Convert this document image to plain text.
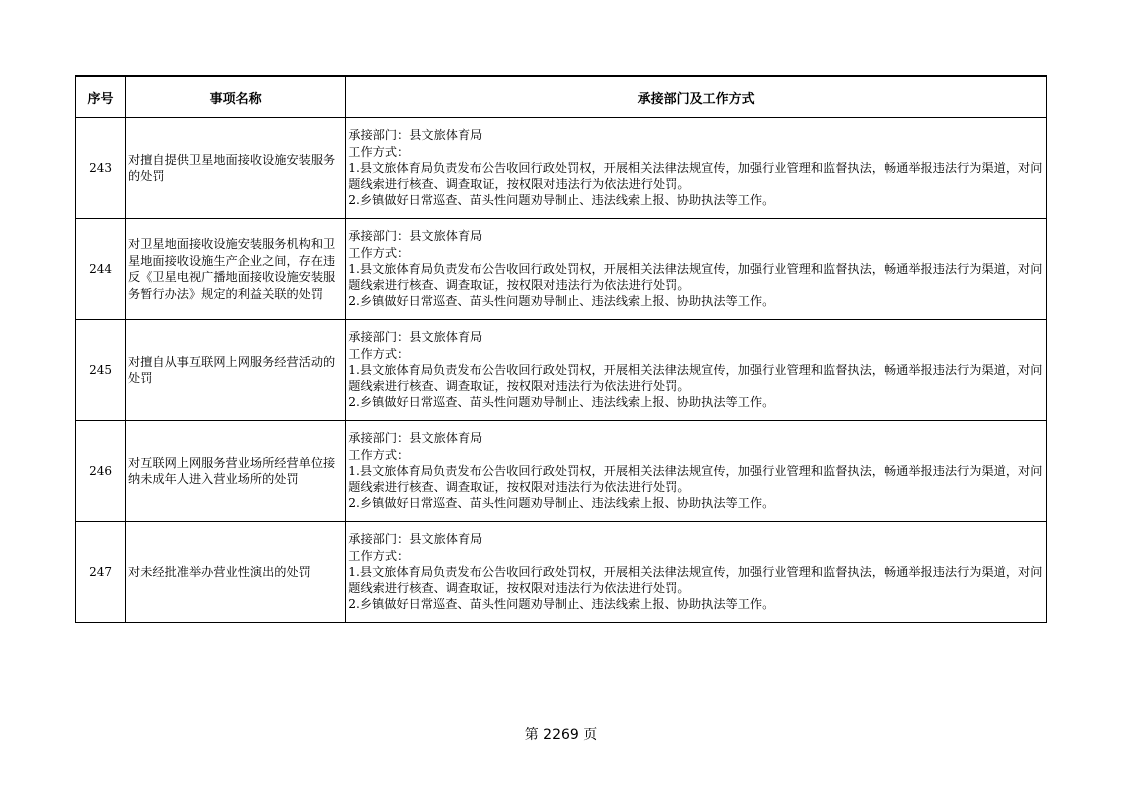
序号	事项名称	承接部门及工作方式
243	对擅自提供卫星地面接收设施安装服务的处罚	承接部门：县文旅体育局
工作方式：
1.县文旅体育局负责发布公告收回行政处罚权，开展相关法律法规宣传，加强行业管理和监督执法，畅通举报违法行为渠道，对问题线索进行核查、调查取证，按权限对违法行为依法进行处罚。
2.乡镇做好日常巡查、苗头性问题劝导制止、违法线索上报、协助执法等工作。

244	对卫星地面接收设施安装服务机构和卫星地面接收设施生产企业之间，存在违反《卫星电视广播地面接收设施安装服务暂行办法》规定的利益关联的处罚	承接部门：县文旅体育局
工作方式：
1.县文旅体育局负责发布公告收回行政处罚权，开展相关法律法规宣传，加强行业管理和监督执法，畅通举报违法行为渠道，对问题线索进行核查、调查取证，按权限对违法行为依法进行处罚。
2.乡镇做好日常巡查、苗头性问题劝导制止、违法线索上报、协助执法等工作。

245	对擅自从事互联网上网服务经营活动的处罚	承接部门：县文旅体育局
工作方式：
1.县文旅体育局负责发布公告收回行政处罚权，开展相关法律法规宣传，加强行业管理和监督执法，畅通举报违法行为渠道，对问题线索进行核查、调查取证，按权限对违法行为依法进行处罚。
2.乡镇做好日常巡查、苗头性问题劝导制止、违法线索上报、协助执法等工作。

246	对互联网上网服务营业场所经营单位接纳未成年人进入营业场所的处罚	承接部门：县文旅体育局
工作方式：
1.县文旅体育局负责发布公告收回行政处罚权，开展相关法律法规宣传，加强行业管理和监督执法，畅通举报违法行为渠道，对问题线索进行核查、调查取证，按权限对违法行为依法进行处罚。
2.乡镇做好日常巡查、苗头性问题劝导制止、违法线索上报、协助执法等工作。

247	对未经批准举办营业性演出的处罚	承接部门：县文旅体育局
工作方式：
1.县文旅体育局负责发布公告收回行政处罚权，开展相关法律法规宣传，加强行业管理和监督执法，畅通举报违法行为渠道，对问题线索进行核查、调查取证，按权限对违法行为依法进行处罚。
2.乡镇做好日常巡查、苗头性问题劝导制止、违法线索上报、协助执法等工作。
第 2269 页
